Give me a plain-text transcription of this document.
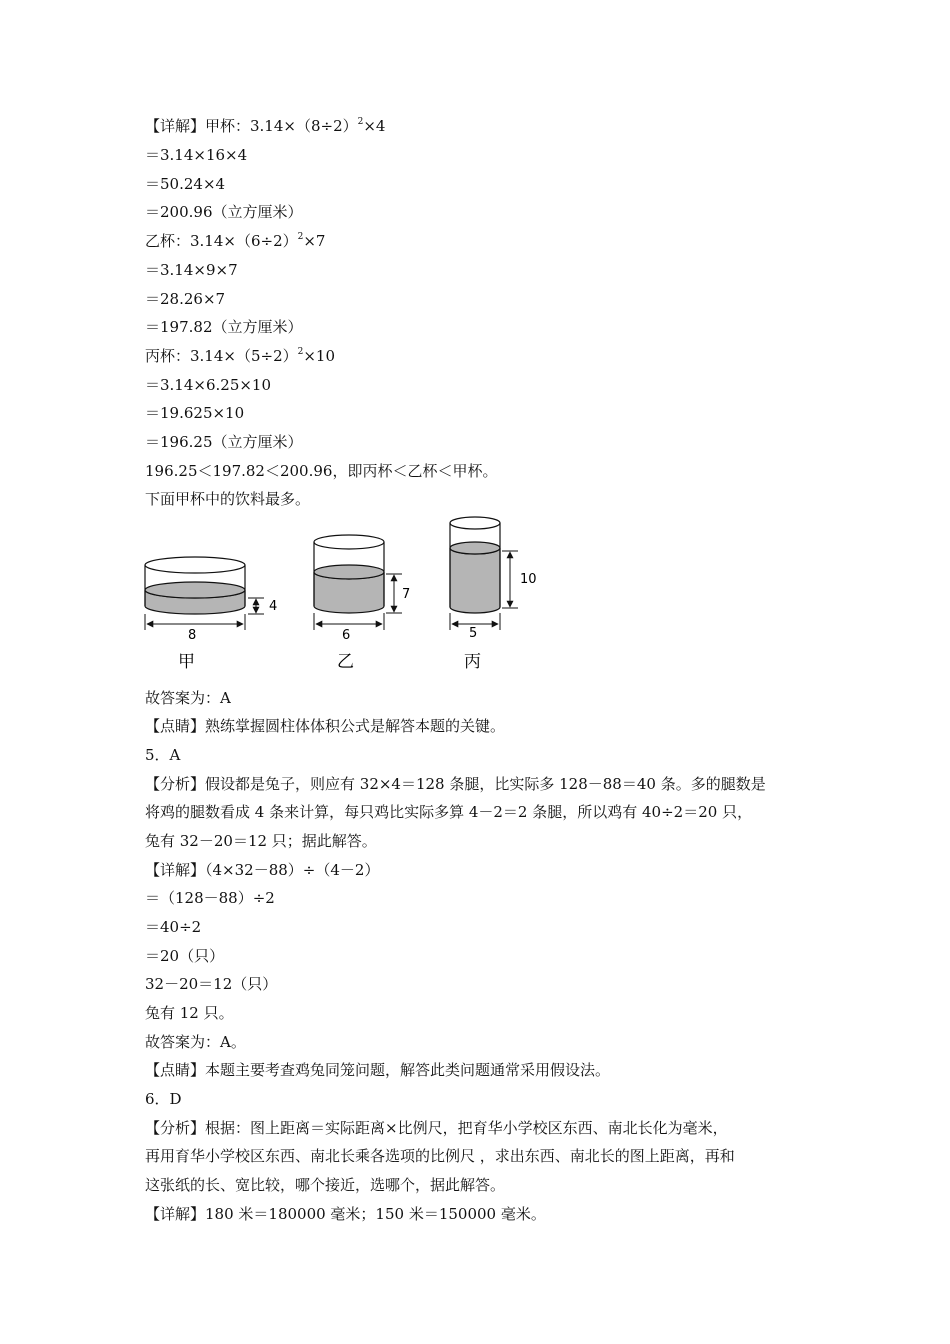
【详解】甲杯：$3.14\times(8\div 2)^2\times 4$
＝3.14×16×4
＝50.24×4
＝200.96（立方厘米）
乙杯：$3.14\times(6\div 2)^2\times 7$
＝3.14×9×7
＝28.26×7
＝197.82（立方厘米）
丙杯：$3.14\times(5\div 2)^2\times 10$
＝3.14×6.25×10
＝19.625×10
＝196.25（立方厘米）
196.25＜197.82＜200.96，即丙杯＜乙杯＜甲杯。
下面甲杯中的饮料最多。
8
4
甲
6
7
乙
5
10
丙
故答案为：A
【点睛】熟练掌握圆柱体体积公式是解答本题的关键。
5．A
【分析】假设都是兔子，则应有 32×4＝128 条腿，比实际多 128－88＝40 条。多的腿数是
将鸡的腿数看成 4 条来计算，每只鸡比实际多算 4－2＝2 条腿，所以鸡有 40÷2＝20 只，
兔有 32－20＝12 只；据此解答。
【详解】（4×32－88）÷（4－2）
＝（128－88）÷2
＝40÷2
＝20（只）
32－20＝12（只）
兔有 12 只。
故答案为：A。
【点睛】本题主要考查鸡兔同笼问题，解答此类问题通常采用假设法。
6．D
【分析】根据：图上距离＝实际距离×比例尺，把育华小学校区东西、南北长化为毫米，
再用育华小学校区东西、南北长乘各选项的比例尺 ，求出东西、南北长的图上距离，再和
这张纸的长、宽比较，哪个接近，选哪个，据此解答。
【详解】180 米＝180000 毫米；150 米＝150000 毫米。
